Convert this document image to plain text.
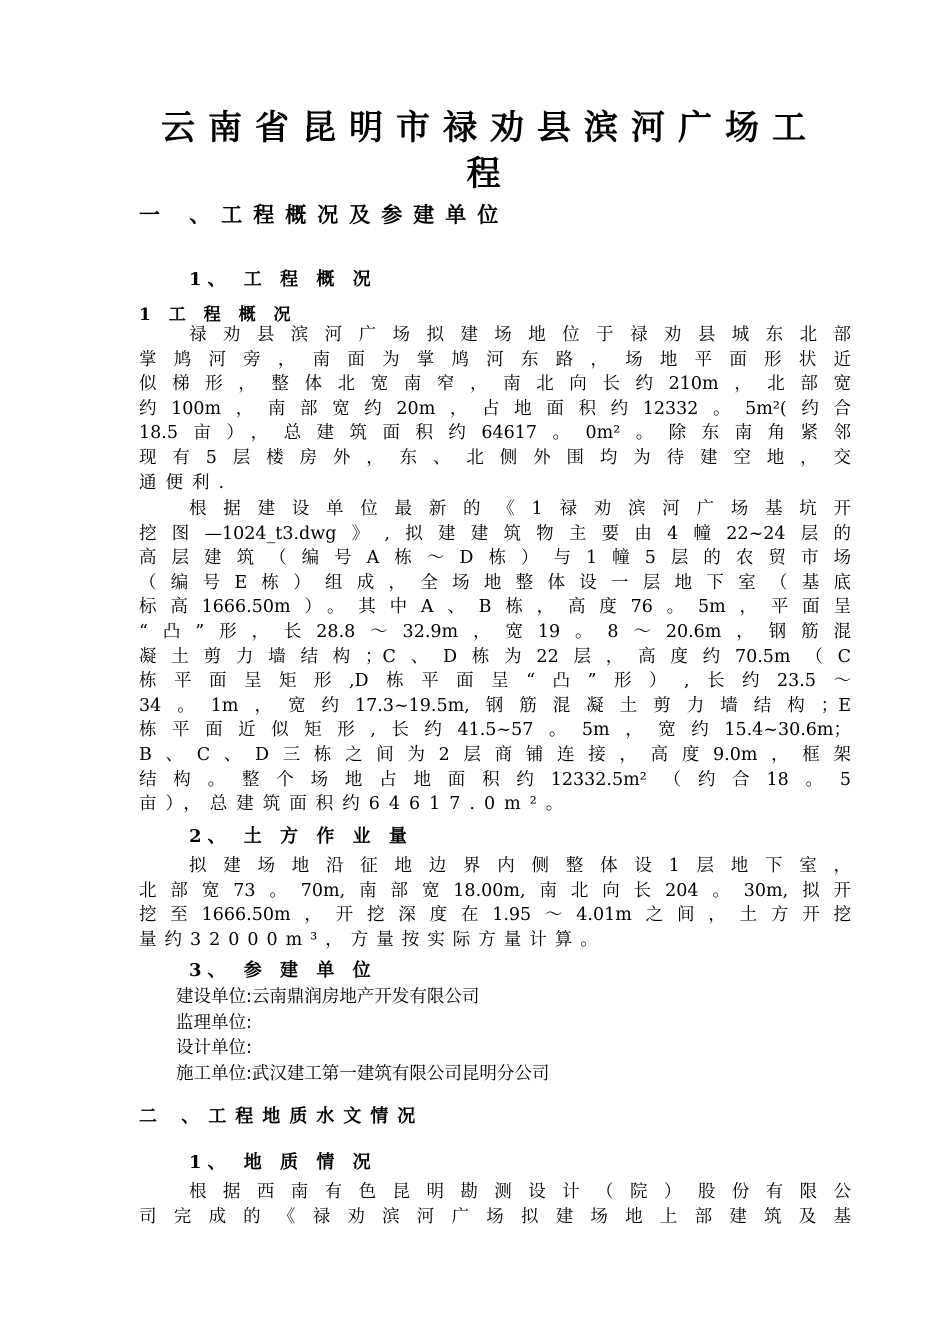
云南省昆明市禄劝县滨河广场工
程
一 、工程概况及参建单位
1、 工 程 概 况
1 工 程 概 况
禄劝县滨河广场拟建场地位于禄劝县城东北部
掌鸠河旁，南面为掌鸠河东路，场地平面形状近
似梯形，整体北宽南窄，南北向长约210m，北部宽
约100m，南部宽约20m，占地面积约12332。5m²(约合
18.5亩），总建筑面积约64617。0m²。除东南角紧邻
现有5层楼房外，东、北侧外围均为待建空地，交
通便利.
根据建设单位最新的《1禄劝滨河广场基坑开
挖图—1024_t3.dwg》,拟建建筑物主要由4幢22~24层的
高层建筑（编号A栋～D栋）与1幢5层的农贸市场
（编号E栋）组成，全场地整体设一层地下室（基底
标高1666.50m）。其中A、B栋，高度76。5m，平面呈
“凸”形，长28.8～32.9m，宽19。8～20.6m，钢筋混
凝土剪力墙结构；C、D栋为22层，高度约70.5m（C
栋平面呈矩形,D栋平面呈“凸”形）,长约23.5～
34。1m，宽约17.3~19.5m,钢筋混凝土剪力墙结构；E
栋平面近似矩形,长约41.5~57。5m，宽约15.4~30.6m；
B、C、D三栋之间为2层商铺连接，高度9.0m，框架
结构。整个场地占地面积约12332.5m²（约合18。5
亩），总建筑面积约64617.0m²。
2、 土 方 作 业 量
拟建场地沿征地边界内侧整体设1层地下室，
北部宽73。70m,南部宽18.00m,南北向长204。30m,拟开
挖至1666.50m，开挖深度在1.95～4.01m之间，土方开挖
量约32000m³，方量按实际方量计算。
3、 参 建 单 位
建设单位:云南鼎润房地产开发有限公司
监理单位:
设计单位:
施工单位:武汉建工第一建筑有限公司昆明分公司
二 、工程地质水文情况
1、 地 质 情 况
根据西南有色昆明勘测设计（院）股份有限公
司完成的《禄劝滨河广场拟建场地上部建筑及基
